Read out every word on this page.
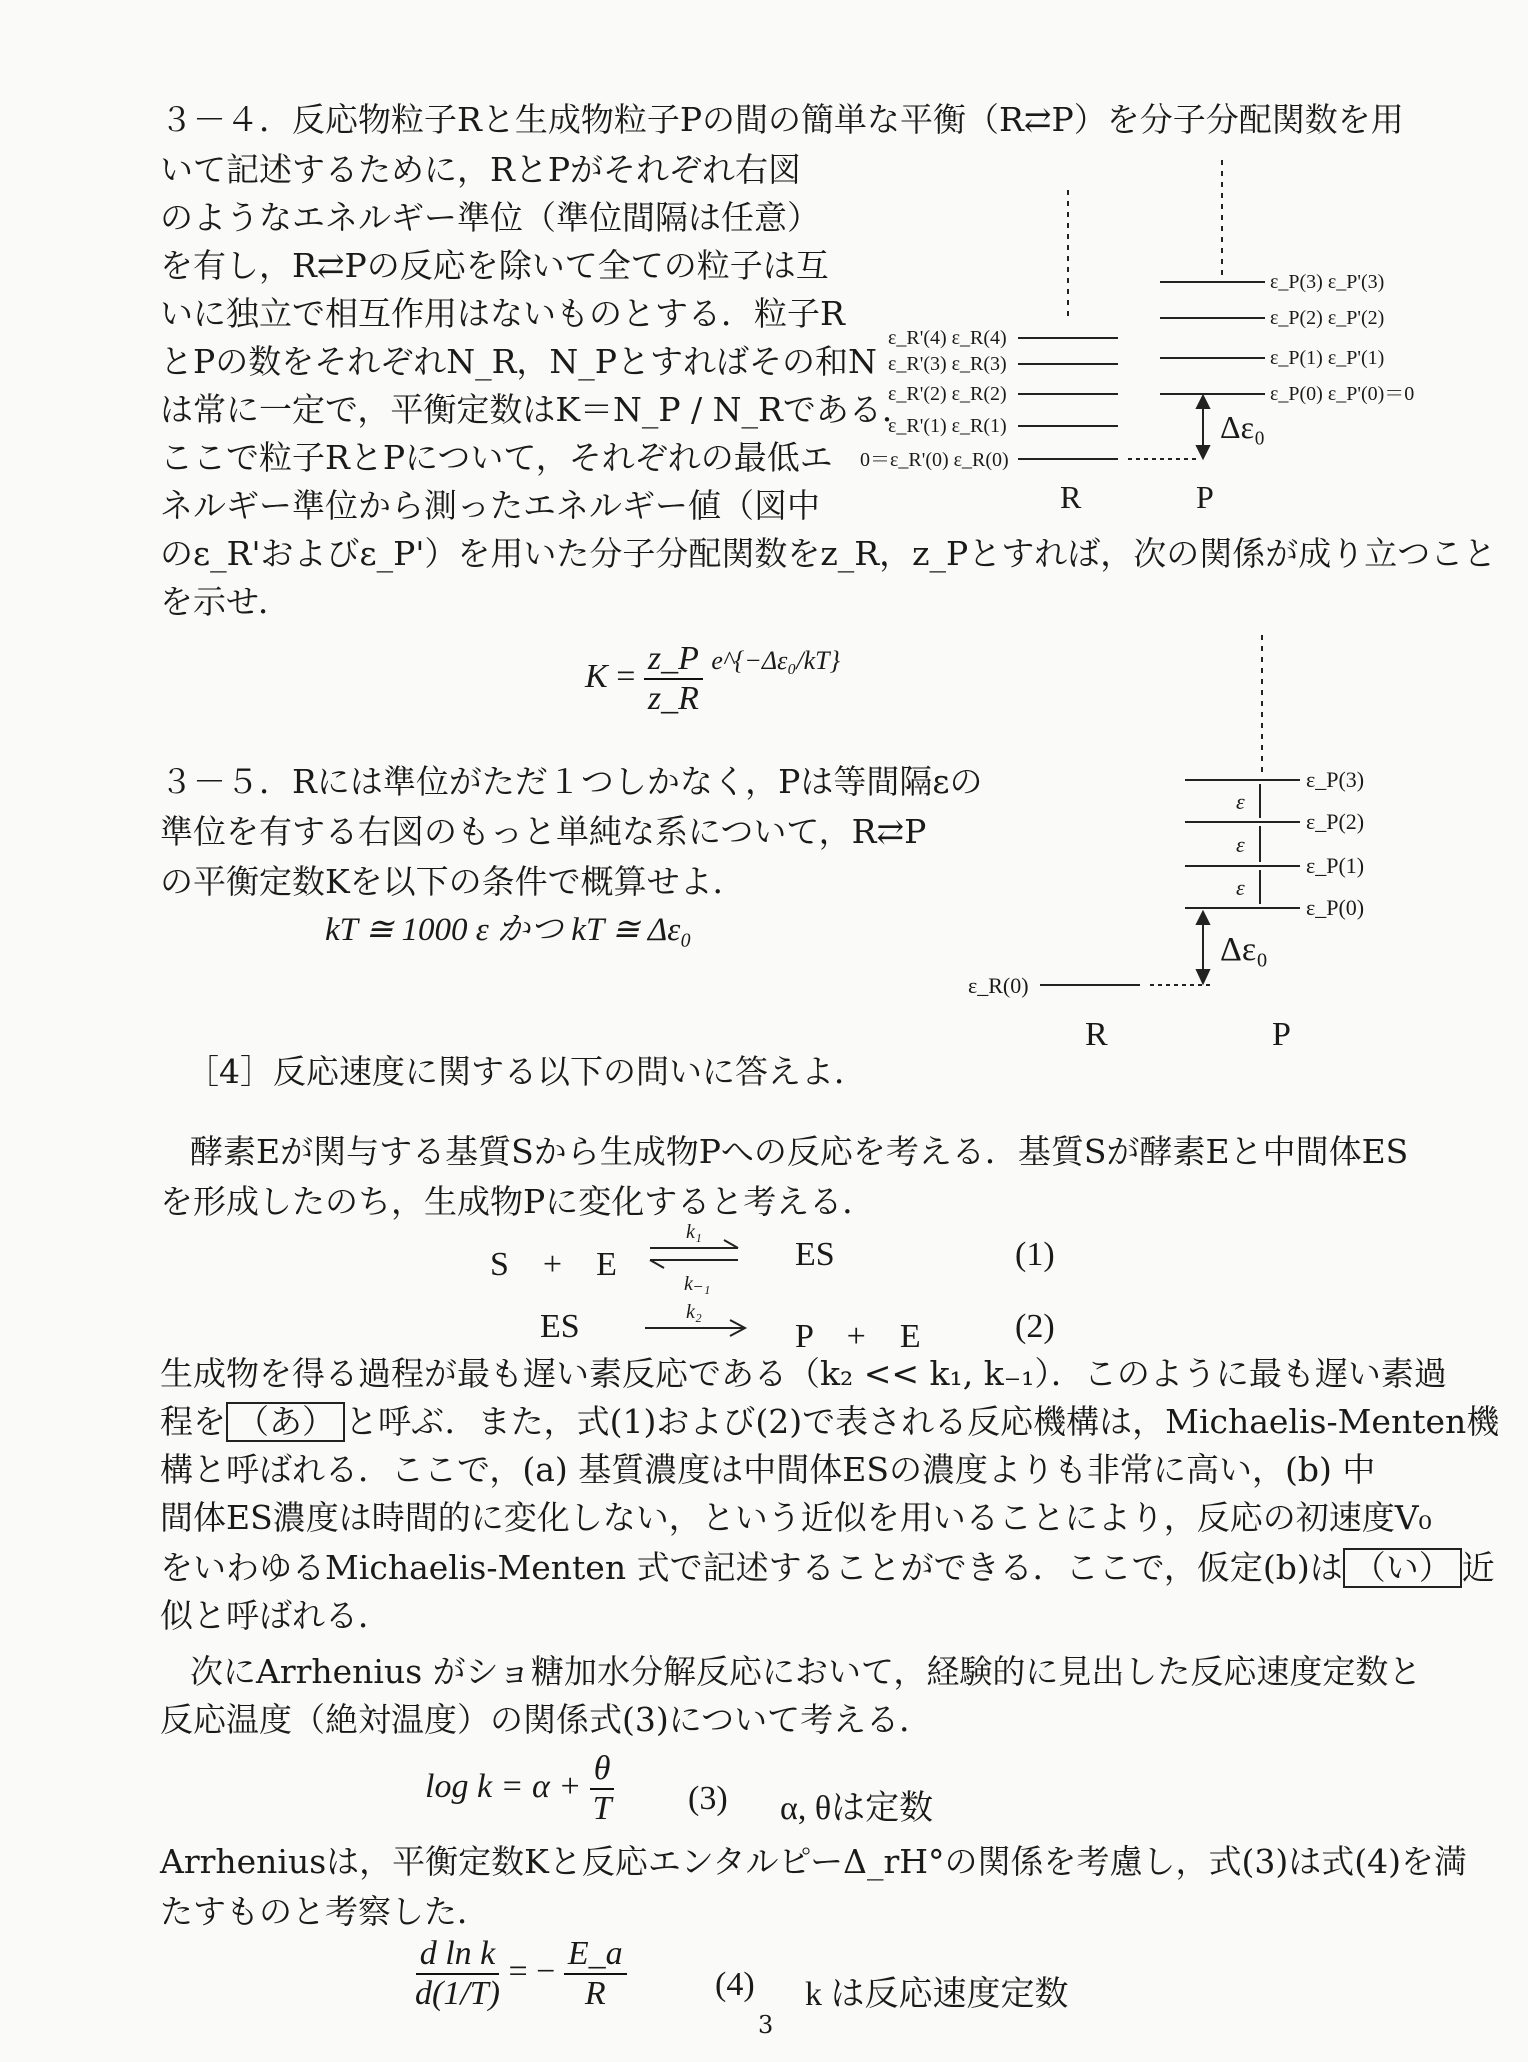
３－４．反応物粒子Rと生成物粒子Pの間の簡単な平衡（R⇄P）を分子分配関数を用
いて記述するために，RとPがそれぞれ右図
のようなエネルギー準位（準位間隔は任意）
を有し，R⇄Pの反応を除いて全ての粒子は互
いに独立で相互作用はないものとする．粒子R
とPの数をそれぞれN_R，N_Pとすればその和N
は常に一定で，平衡定数はK＝N_P / N_Rである．
ここで粒子RとPについて，それぞれの最低エ
ネルギー準位から測ったエネルギー値（図中
のε_R'およびε_P'）を用いた分子分配関数をz_R，z_Pとすれば，次の関係が成り立つこと
を示せ．
$K = \frac{z\_P}{z\_R} ^{e\^{}\{-\Delta\varepsilon_0/kT\}}$
ε_R'(4) ε_R(4)
ε_R'(3) ε_R(3)
ε_R'(2) ε_R(2)
ε_R'(1) ε_R(1)
0＝ε_R'(0) ε_R(0)
ε_P(3) ε_P'(3)
ε_P(2) ε_P'(2)
ε_P(1) ε_P'(1)
ε_P(0) ε_P'(0)＝0
Δε₀
R	P
ε_P(3)
ε_P(2)
ε_P(1)
ε_P(0)
ε
ε
ε
ε_R(0)
Δε₀
R	P
k₁
k₋₁
k₂
３－５．Rには準位がただ１つしかなく，Pは等間隔εの
準位を有する右図のもっと単純な系について，R⇄P
の平衡定数Kを以下の条件で概算せよ．
kT ≅ 1000 ε かつ kT ≅ Δε₀
［4］反応速度に関する以下の問いに答えよ．
酵素Eが関与する基質Sから生成物Pへの反応を考える．基質Sが酵素Eと中間体ES
を形成したのち，生成物Pに変化すると考える．
S　+　E	ES	(1)
ES	P　+　E	(2)
生成物を得る過程が最も遅い素反応である（k₂ << k₁, k₋₁）．このように最も遅い素過
程を （あ） と呼ぶ．また，式(1)および(2)で表される反応機構は，Michaelis-Menten機
構と呼ばれる．ここで，(a) 基質濃度は中間体ESの濃度よりも非常に高い，(b) 中
間体ES濃度は時間的に変化しない，という近似を用いることにより，反応の初速度V₀
をいわゆるMichaelis-Menten 式で記述することができる．ここで，仮定(b)は （い） 近
似と呼ばれる．
次にArrhenius がショ糖加水分解反応において，経験的に見出した反応速度定数と
反応温度（絶対温度）の関係式(3)について考える．
$\log k = \alpha + \frac{\theta}{T} (3)$ α, θは定数
Arrheniusは，平衡定数Kと反応エンタルピーΔ_rH°の関係を考慮し，式(3)は式(4)を満
たすものと考察した．
$\frac{\text{d ln k}}{d(1/T)}$ = − $\frac{E\_a}{R}$	(4) k は反応速度定数
3
